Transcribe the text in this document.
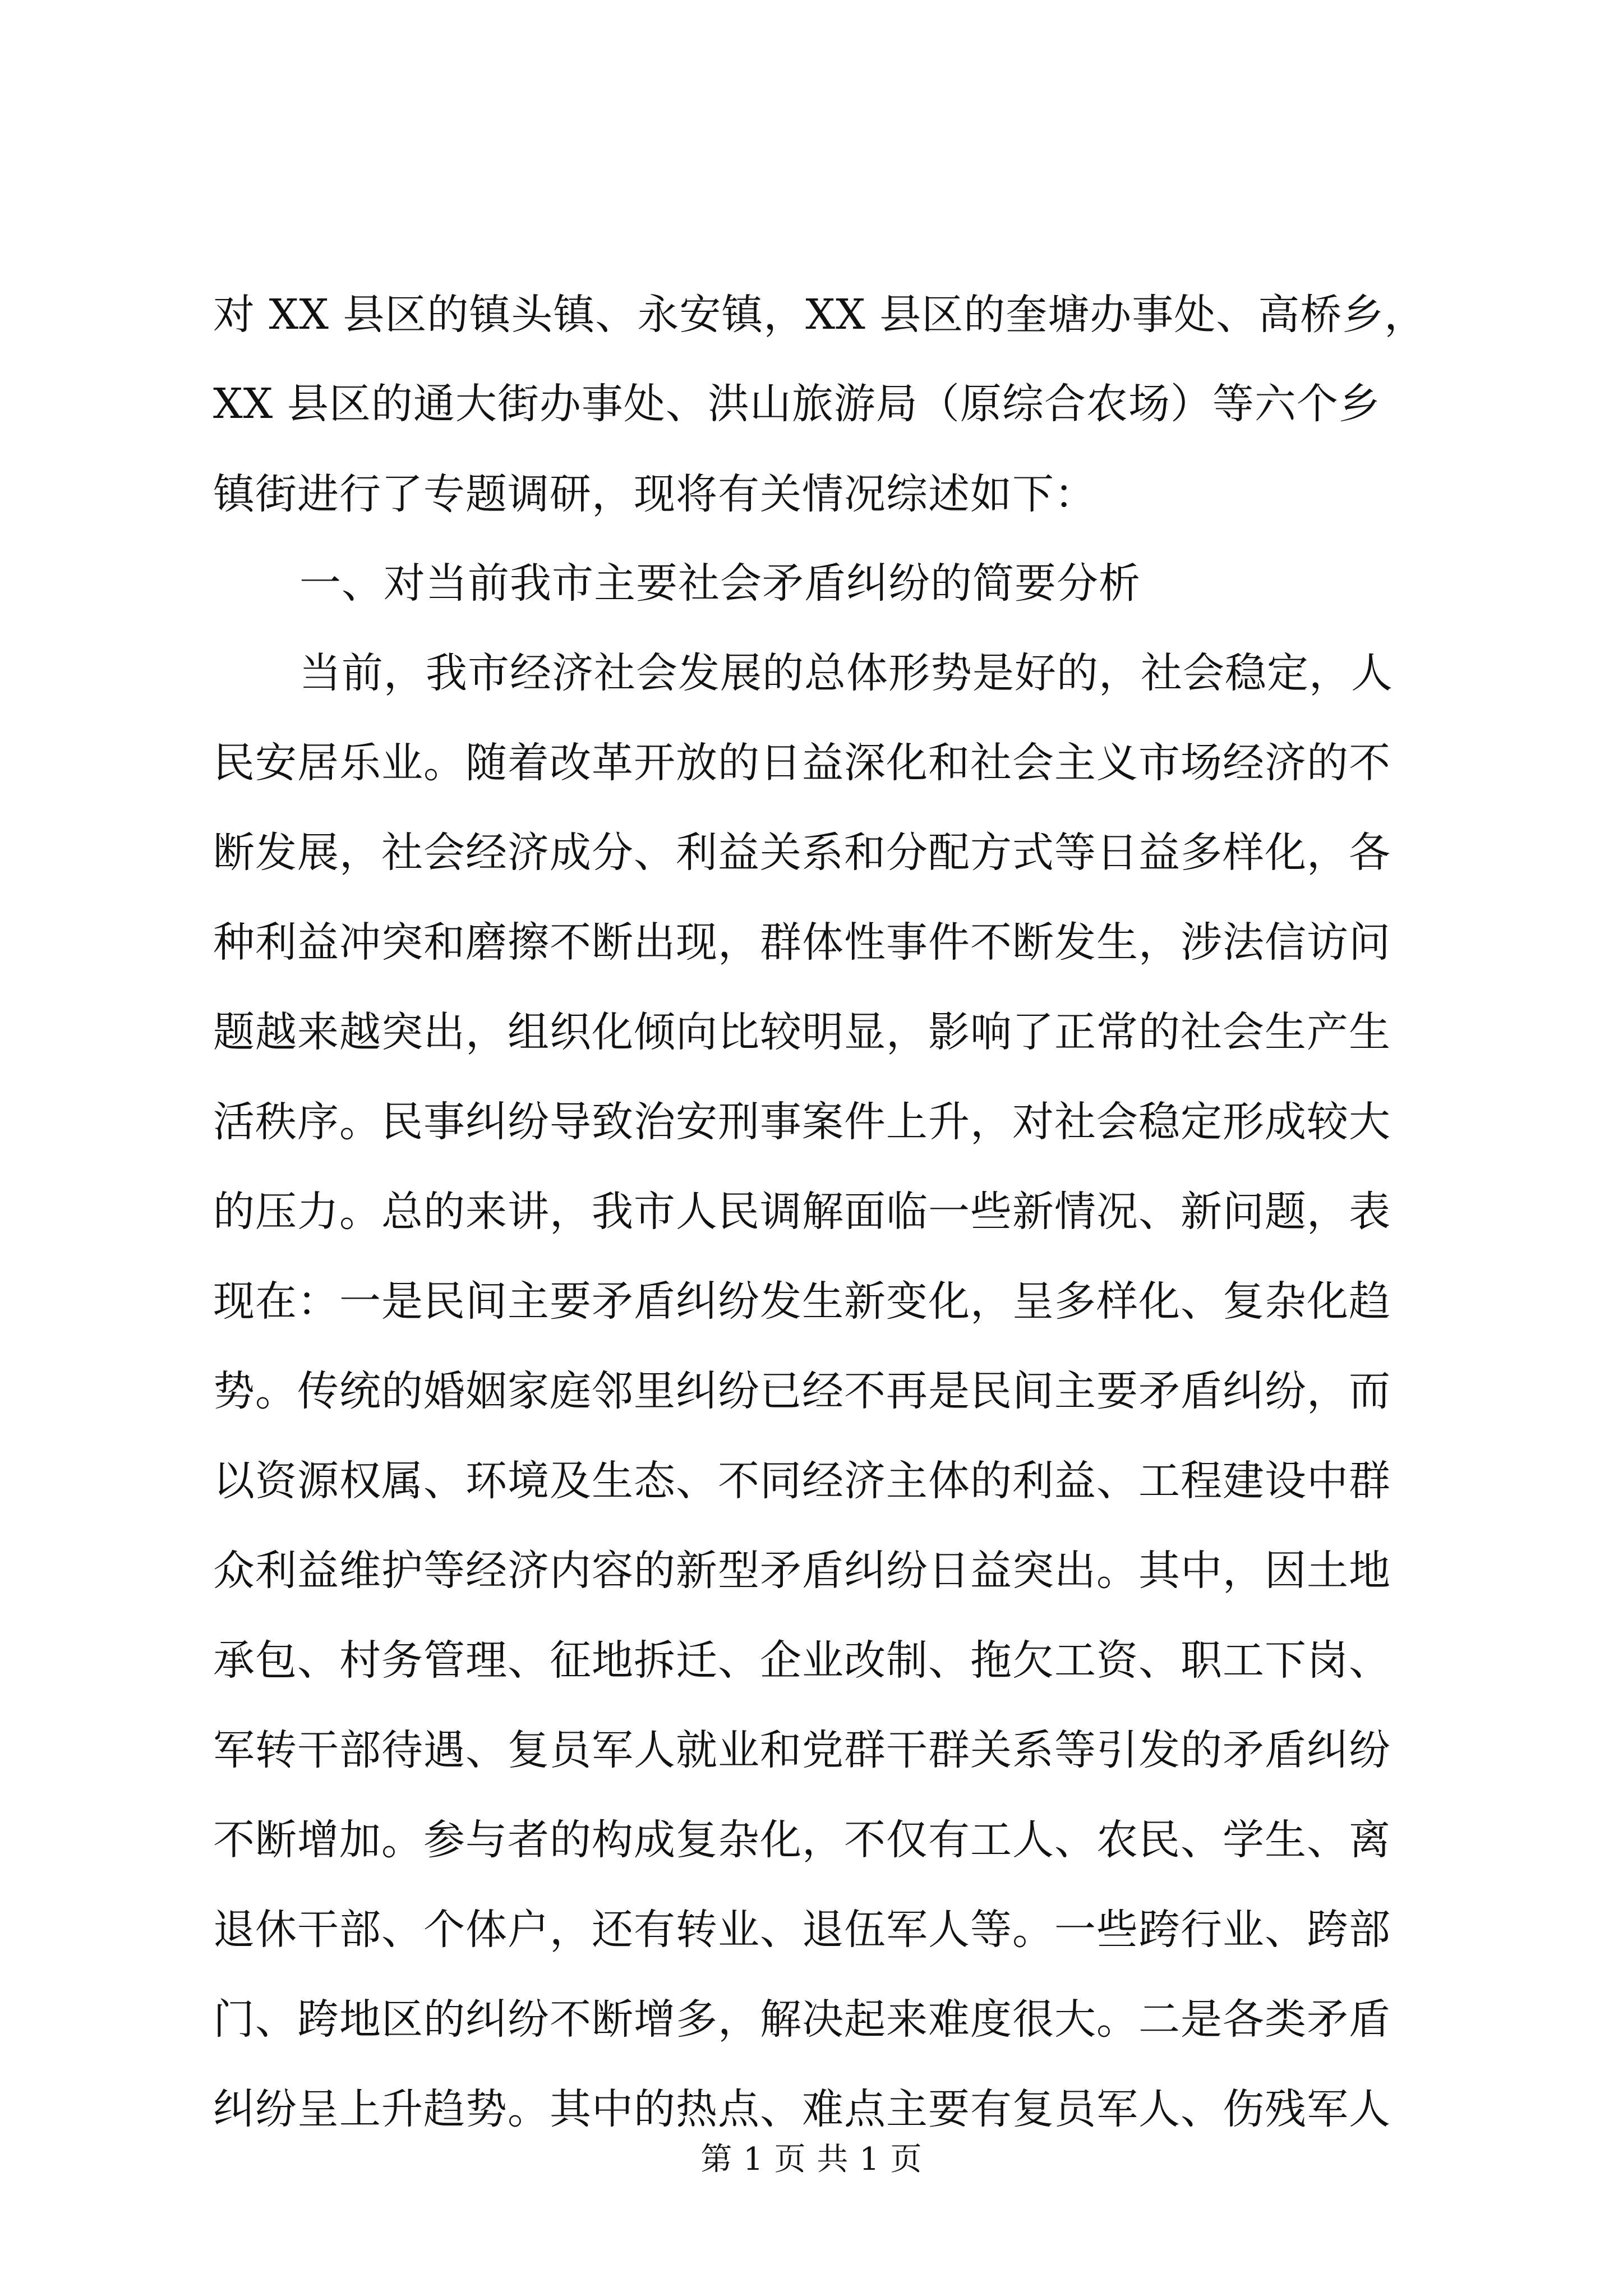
对 XX 县区的镇头镇、永安镇，XX 县区的奎塘办事处、高桥乡，
XX 县区的通大街办事处、洪山旅游局（原综合农场）等六个乡
镇街进行了专题调研，现将有关情况综述如下：
一、对当前我市主要社会矛盾纠纷的简要分析
当前，我市经济社会发展的总体形势是好的，社会稳定，人
民安居乐业。随着改革开放的日益深化和社会主义市场经济的不
断发展，社会经济成分、利益关系和分配方式等日益多样化，各
种利益冲突和磨擦不断出现，群体性事件不断发生，涉法信访问
题越来越突出，组织化倾向比较明显，影响了正常的社会生产生
活秩序。民事纠纷导致治安刑事案件上升，对社会稳定形成较大
的压力。总的来讲，我市人民调解面临一些新情况、新问题，表
现在：一是民间主要矛盾纠纷发生新变化，呈多样化、复杂化趋
势。传统的婚姻家庭邻里纠纷已经不再是民间主要矛盾纠纷，而
以资源权属、环境及生态、不同经济主体的利益、工程建设中群
众利益维护等经济内容的新型矛盾纠纷日益突出。其中，因土地
承包、村务管理、征地拆迁、企业改制、拖欠工资、职工下岗、
军转干部待遇、复员军人就业和党群干群关系等引发的矛盾纠纷
不断增加。参与者的构成复杂化，不仅有工人、农民、学生、离
退休干部、个体户，还有转业、退伍军人等。一些跨行业、跨部
门、跨地区的纠纷不断增多，解决起来难度很大。二是各类矛盾
纠纷呈上升趋势。其中的热点、难点主要有复员军人、伤残军人
第 1 页 共 1 页
